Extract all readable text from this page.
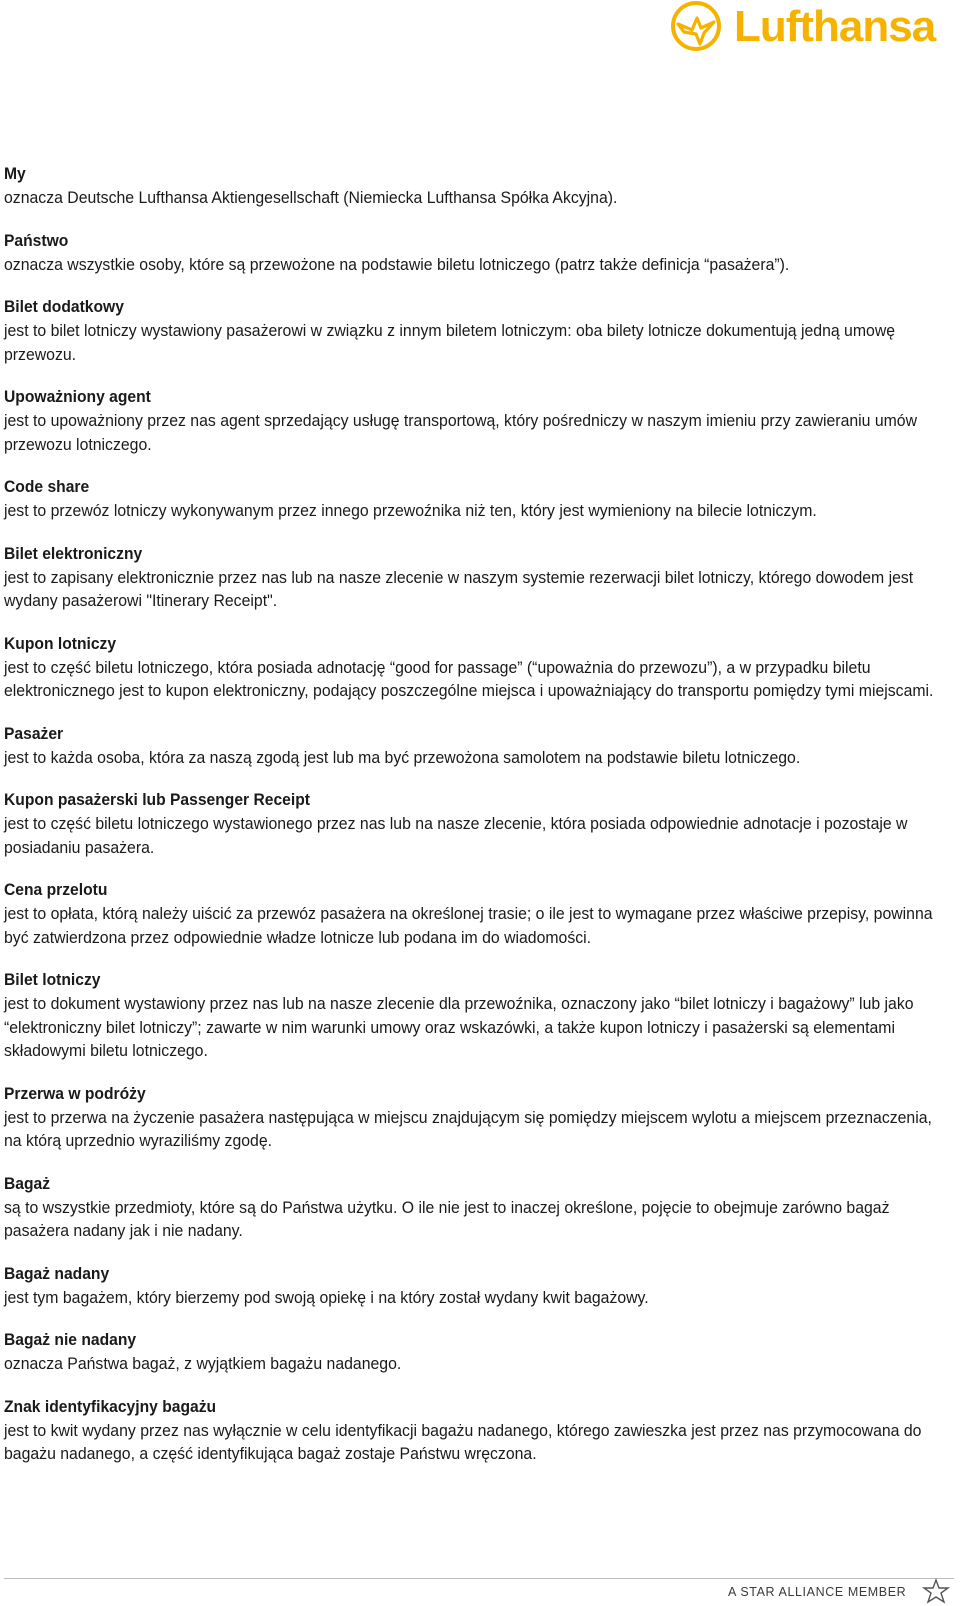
Lufthansa
My
oznacza Deutsche Lufthansa Aktiengesellschaft (Niemiecka Lufthansa Spółka Akcyjna).
Państwo
oznacza wszystkie osoby, które są przewożone na podstawie biletu lotniczego (patrz także definicja “pasażera”).
Bilet dodatkowy
jest to bilet lotniczy wystawiony pasażerowi w związku z innym biletem lotniczym: oba bilety lotnicze dokumentują jedną umowę przewozu.
Upoważniony agent
jest to upoważniony przez nas agent sprzedający usługę transportową, który pośredniczy w naszym imieniu przy zawieraniu umów przewozu lotniczego.
Code share
jest to przewóz lotniczy wykonywanym przez innego przewoźnika niż ten, który jest wymieniony na bilecie lotniczym.
Bilet elektroniczny
jest to zapisany elektronicznie przez nas lub na nasze zlecenie w naszym systemie rezerwacji bilet lotniczy, którego dowodem jest wydany pasażerowi "Itinerary Receipt".
Kupon lotniczy
jest to część biletu lotniczego, która posiada adnotację “good for passage” (“upoważnia do przewozu”), a w przypadku biletu elektronicznego jest to kupon elektroniczny, podający poszczególne miejsca i upoważniający do transportu pomiędzy tymi miejscami.
Pasażer
jest to każda osoba, która za naszą zgodą jest lub ma być przewożona samolotem na podstawie biletu lotniczego.
Kupon pasażerski lub Passenger Receipt
jest to część biletu lotniczego wystawionego przez nas lub na nasze zlecenie, która posiada odpowiednie adnotacje i pozostaje w posiadaniu pasażera.
Cena przelotu
jest to opłata, którą należy uiścić za przewóz pasażera na określonej trasie; o ile jest to wymagane przez właściwe przepisy, powinna być zatwierdzona przez odpowiednie władze lotnicze lub podana im do wiadomości.
Bilet lotniczy
jest to dokument wystawiony przez nas lub na nasze zlecenie dla przewoźnika, oznaczony jako “bilet lotniczy i bagażowy” lub jako “elektroniczny bilet lotniczy”; zawarte w nim warunki umowy oraz wskazówki, a także kupon lotniczy i pasażerski są elementami składowymi biletu lotniczego.
Przerwa w podróży
jest to przerwa na życzenie pasażera następująca w miejscu znajdującym się pomiędzy miejscem wylotu a miejscem przeznaczenia, na którą uprzednio wyraziliśmy zgodę.
Bagaż
są to wszystkie przedmioty, które są do Państwa użytku. O ile nie jest to inaczej określone, pojęcie to obejmuje zarówno bagaż pasażera nadany jak i nie nadany.
Bagaż nadany
jest tym bagażem, który bierzemy pod swoją opiekę i na który został wydany kwit bagażowy.
Bagaż nie nadany
oznacza Państwa bagaż, z wyjątkiem bagażu nadanego.
Znak identyfikacyjny bagażu
jest to kwit wydany przez nas wyłącznie w celu identyfikacji bagażu nadanego, którego zawieszka jest przez nas przymocowana do bagażu nadanego, a część identyfikująca bagaż zostaje Państwu wręczona.
A STAR ALLIANCE MEMBER
